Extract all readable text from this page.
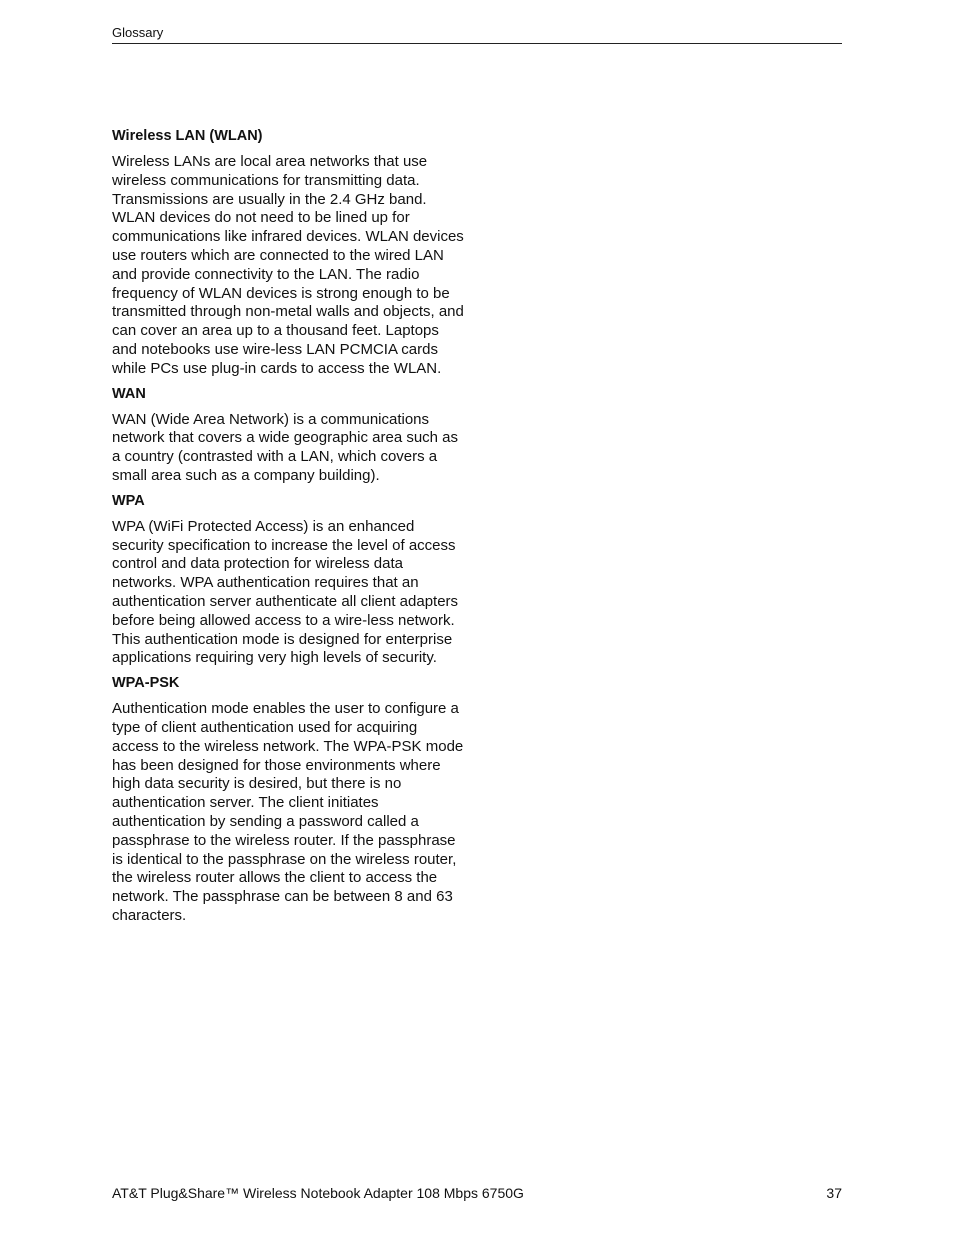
Glossary

Wireless LAN (WLAN)

Wireless LANs are local area networks that use wireless communications for transmitting data. Transmissions are usually in the 2.4 GHz band. WLAN devices do not need to be lined up for communications like infrared devices. WLAN devices use routers which are connected to the wired LAN and provide connectivity to the LAN. The radio frequency of WLAN devices is strong enough to be transmitted through non-metal walls and objects, and can cover an area up to a thousand feet. Laptops and notebooks use wire-less LAN PCMCIA cards while PCs use plug-in cards to access the WLAN.

WAN

WAN (Wide Area Network) is a communications network that covers a wide geographic area such as a country (contrasted with a LAN, which covers a small area such as a company building).

WPA

WPA (WiFi Protected Access) is an enhanced security specification to increase the level of access control and data protection for wireless data networks. WPA authentication requires that an authentication server authenticate all client adapters before being allowed access to a wire-less network. This authentication mode is designed for enterprise applications requiring very high levels of security.

WPA-PSK

Authentication mode enables the user to configure a type of client authentication used for acquiring access to the wireless network. The WPA-PSK mode has been designed for those environments where high data security is desired, but there is no authentication server. The client initiates authentication by sending a password called a passphrase to the wireless router. If the passphrase is identical to the passphrase on the wireless router, the wireless router allows the client to access the network. The passphrase can be between 8 and 63 characters.

AT&T Plug&Share™ Wireless Notebook Adapter 108 Mbps 6750G	37
